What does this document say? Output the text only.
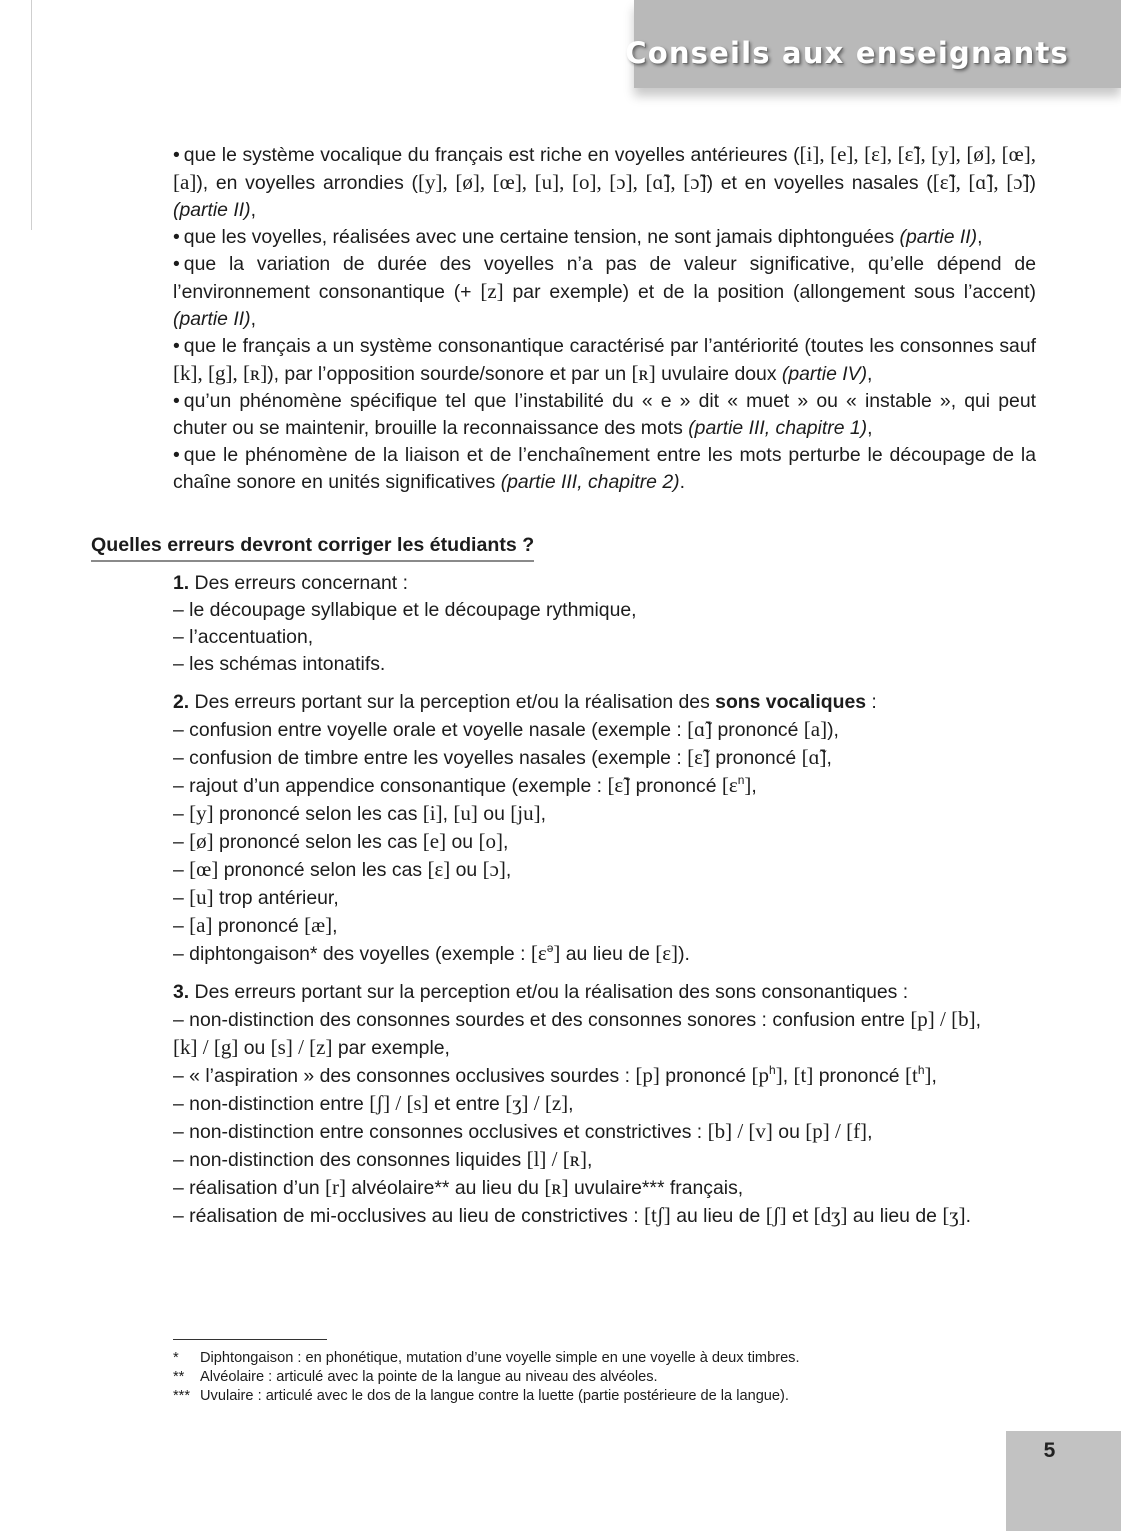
Conseils aux enseignants
• que le système vocalique du français est riche en voyelles antérieures ([i], [e], [ɛ], [ɛ̃], [y], [ø], [œ], [a]), en voyelles arrondies ([y], [ø], [œ], [u], [o], [ɔ], [ɑ̃], [ɔ̃]) et en voyelles nasales ([ɛ̃], [ɑ̃], [ɔ̃]) (partie II),
• que les voyelles, réalisées avec une certaine tension, ne sont jamais diphtonguées (partie II),
• que la variation de durée des voyelles n’a pas de valeur significative, qu’elle dépend de l’environnement consonantique (+ [z] par exemple) et de la position (allongement sous l’accent) (partie II),
• que le français a un système consonantique caractérisé par l’antériorité (toutes les consonnes sauf [k], [g], [ʀ]), par l’opposition sourde/sonore et par un [ʀ] uvulaire doux (partie IV),
• qu’un phénomène spécifique tel que l’instabilité du « e » dit « muet » ou « instable », qui peut chuter ou se maintenir, brouille la reconnaissance des mots (partie III, chapitre 1),
• que le phénomène de la liaison et de l’enchaînement entre les mots perturbe le découpage de la chaîne sonore en unités significatives (partie III, chapitre 2).
Quelles erreurs devront corriger les étudiants ?
1. Des erreurs concernant :
– le découpage syllabique et le découpage rythmique,
– l’accentuation,
– les schémas intonatifs.
2. Des erreurs portant sur la perception et/ou la réalisation des sons vocaliques :
– confusion entre voyelle orale et voyelle nasale (exemple : [ɑ̃] prononcé [a]),
– confusion de timbre entre les voyelles nasales (exemple : [ɛ̃] prononcé [ɑ̃],
– rajout d’un appendice consonantique (exemple : [ɛ̃] prononcé [ɛ$^n$],
– [y] prononcé selon les cas [i], [u] ou [ju],
– [ø] prononcé selon les cas [e] ou [o],
– [œ] prononcé selon les cas [ɛ] ou [ɔ],
– [u] trop antérieur,
– [a] prononcé [æ],
– diphtongaison* des voyelles (exemple : [ɛ$^ə$] au lieu de [ɛ]).
3. Des erreurs portant sur la perception et/ou la réalisation des sons consonantiques :
– non-distinction des consonnes sourdes et des consonnes sonores : confusion entre [p] / [b],
[k] / [g] ou [s] / [z] par exemple,
– « l’aspiration » des consonnes occlusives sourdes : [p] prononcé $[p^h]$, [t] prononcé $[t^h]$,
– non-distinction entre [ʃ] / [s] et entre [ʒ] / [z],
– non-distinction entre consonnes occlusives et constrictives : [b] / [v] ou [p] / [f],
– non-distinction des consonnes liquides [l] / [ʀ],
– réalisation d’un [r] alvéolaire** au lieu du [ʀ] uvulaire*** français,
– réalisation de mi-occlusives au lieu de constrictives : [tʃ] au lieu de [ʃ] et [dʒ] au lieu de [ʒ].
* Diphtongaison : en phonétique, mutation d’une voyelle simple en une voyelle à deux timbres.
** Alvéolaire : articulé avec la pointe de la langue au niveau des alvéoles.
*** Uvulaire : articulé avec le dos de la langue contre la luette (partie postérieure de la langue).
5
